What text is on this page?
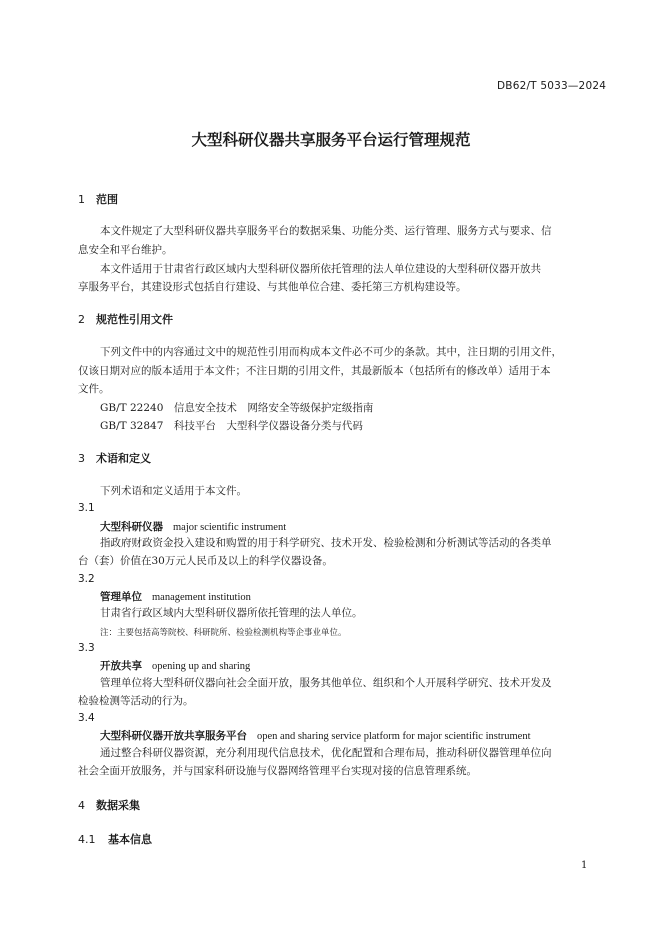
DB62/T 5033—2024
大型科研仪器共享服务平台运行管理规范
1 范围
本文件规定了大型科研仪器共享服务平台的数据采集、功能分类、运行管理、服务方式与要求、信
息安全和平台维护。
本文件适用于甘肃省行政区域内大型科研仪器所依托管理的法人单位建设的大型科研仪器开放共
享服务平台，其建设形式包括自行建设、与其他单位合建、委托第三方机构建设等。
2 规范性引用文件
下列文件中的内容通过文中的规范性引用而构成本文件必不可少的条款。其中，注日期的引用文件，
仅该日期对应的版本适用于本文件；不注日期的引用文件，其最新版本（包括所有的修改单）适用于本
文件。
GB/T 22240　信息安全技术　网络安全等级保护定级指南
GB/T 32847　科技平台　大型科学仪器设备分类与代码
3 术语和定义
下列术语和定义适用于本文件。
3.1
大型科研仪器 major scientific instrument
指政府财政资金投入建设和购置的用于科学研究、技术开发、检验检测和分析测试等活动的各类单
台（套）价值在30万元人民币及以上的科学仪器设备。
3.2
管理单位 management institution
甘肃省行政区域内大型科研仪器所依托管理的法人单位。
注：主要包括高等院校、科研院所、检验检测机构等企事业单位。
3.3
开放共享 opening up and sharing
管理单位将大型科研仪器向社会全面开放，服务其他单位、组织和个人开展科学研究、技术开发及
检验检测等活动的行为。
3.4
大型科研仪器开放共享服务平台 open and sharing service platform for major scientific instrument
通过整合科研仪器资源，充分利用现代信息技术，优化配置和合理布局，推动科研仪器管理单位向
社会全面开放服务，并与国家科研设施与仪器网络管理平台实现对接的信息管理系统。
4 数据采集
4.1 基本信息
1
